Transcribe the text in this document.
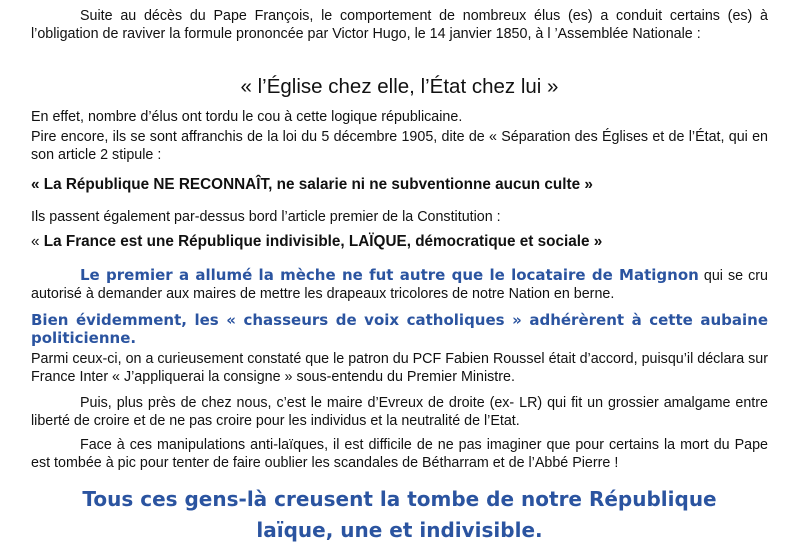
Suite au décès du Pape François, le comportement de nombreux élus (es) a conduit certains (es) à l’obligation de raviver la formule prononcée par Victor Hugo, le 14 janvier 1850, à l ’Assemblée Nationale :

« l’Église chez elle, l’État chez lui »

En effet, nombre d’élus ont tordu le cou à cette logique républicaine.

Pire encore, ils se sont affranchis de la loi du 5 décembre 1905, dite de « Séparation des Églises et de l’État, qui en son article 2 stipule :

« La République NE RECONNAÎT, ne salarie ni ne subventionne aucun culte »

Ils passent également par-dessus bord l’article premier de la Constitution :

« La France est une République indivisible, LAÏQUE, démocratique et sociale »

Le premier a allumé la mèche ne fut autre que le locataire de Matignon qui se cru autorisé à demander aux maires de mettre les drapeaux tricolores de notre Nation en berne.

Bien évidemment, les « chasseurs de voix catholiques » adhérèrent à cette aubaine politicienne.

Parmi ceux-ci, on a curieusement constaté que le patron du PCF Fabien Roussel était d’accord, puisqu’il déclara sur France Inter « J’appliquerai la consigne » sous-entendu du Premier Ministre.

Puis, plus près de chez nous, c’est le maire d’Evreux de droite (ex- LR) qui fit un grossier amalgame entre liberté de croire et de ne pas croire pour les individus et la neutralité de l’Etat.

Face à ces manipulations anti-laïques, il est difficile de ne pas imaginer que pour certains la mort du Pape est tombée à pic pour tenter de faire oublier les scandales de Bétharram et de l’Abbé Pierre !

Tous ces gens-là creusent la tombe de notre République

laïque, une et indivisible.
